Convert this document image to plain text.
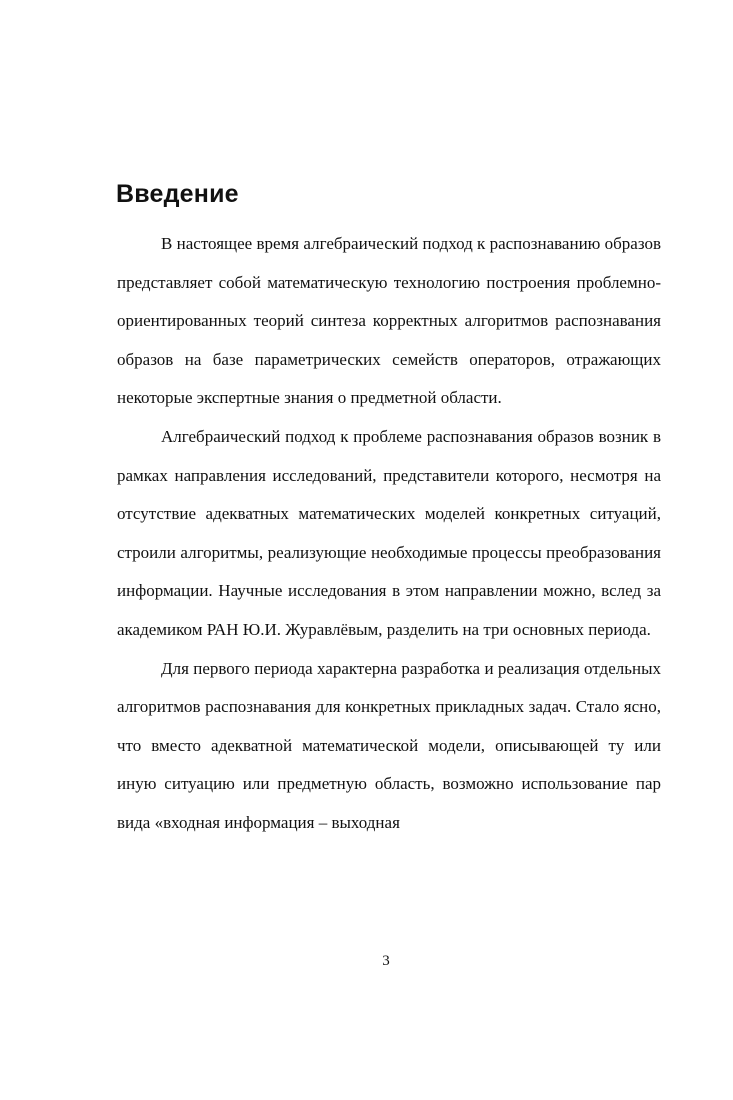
Введение

В настоящее время алгебраический подход к распознаванию образов представляет собой математическую технологию построения проблемно-ориентированных теорий синтеза корректных алгоритмов распознавания образов на базе параметрических семейств операторов, отражающих некоторые экспертные знания о предметной области.

Алгебраический подход к проблеме распознавания образов возник в рамках направления исследований, представители которого, несмотря на отсутствие адекватных математических моделей конкретных ситуаций, строили алгоритмы, реализующие необходимые процессы преобразования информации. Научные исследования в этом направлении можно, вслед за академиком РАН Ю.И. Журавлёвым, разделить на три основных периода.

Для первого периода характерна разработка и реализация отдельных алгоритмов распознавания для конкретных прикладных задач. Стало ясно, что вместо адекватной математической модели, описывающей ту или иную ситуацию или предметную область, возможно использование пар вида «входная информация – выходная

3
